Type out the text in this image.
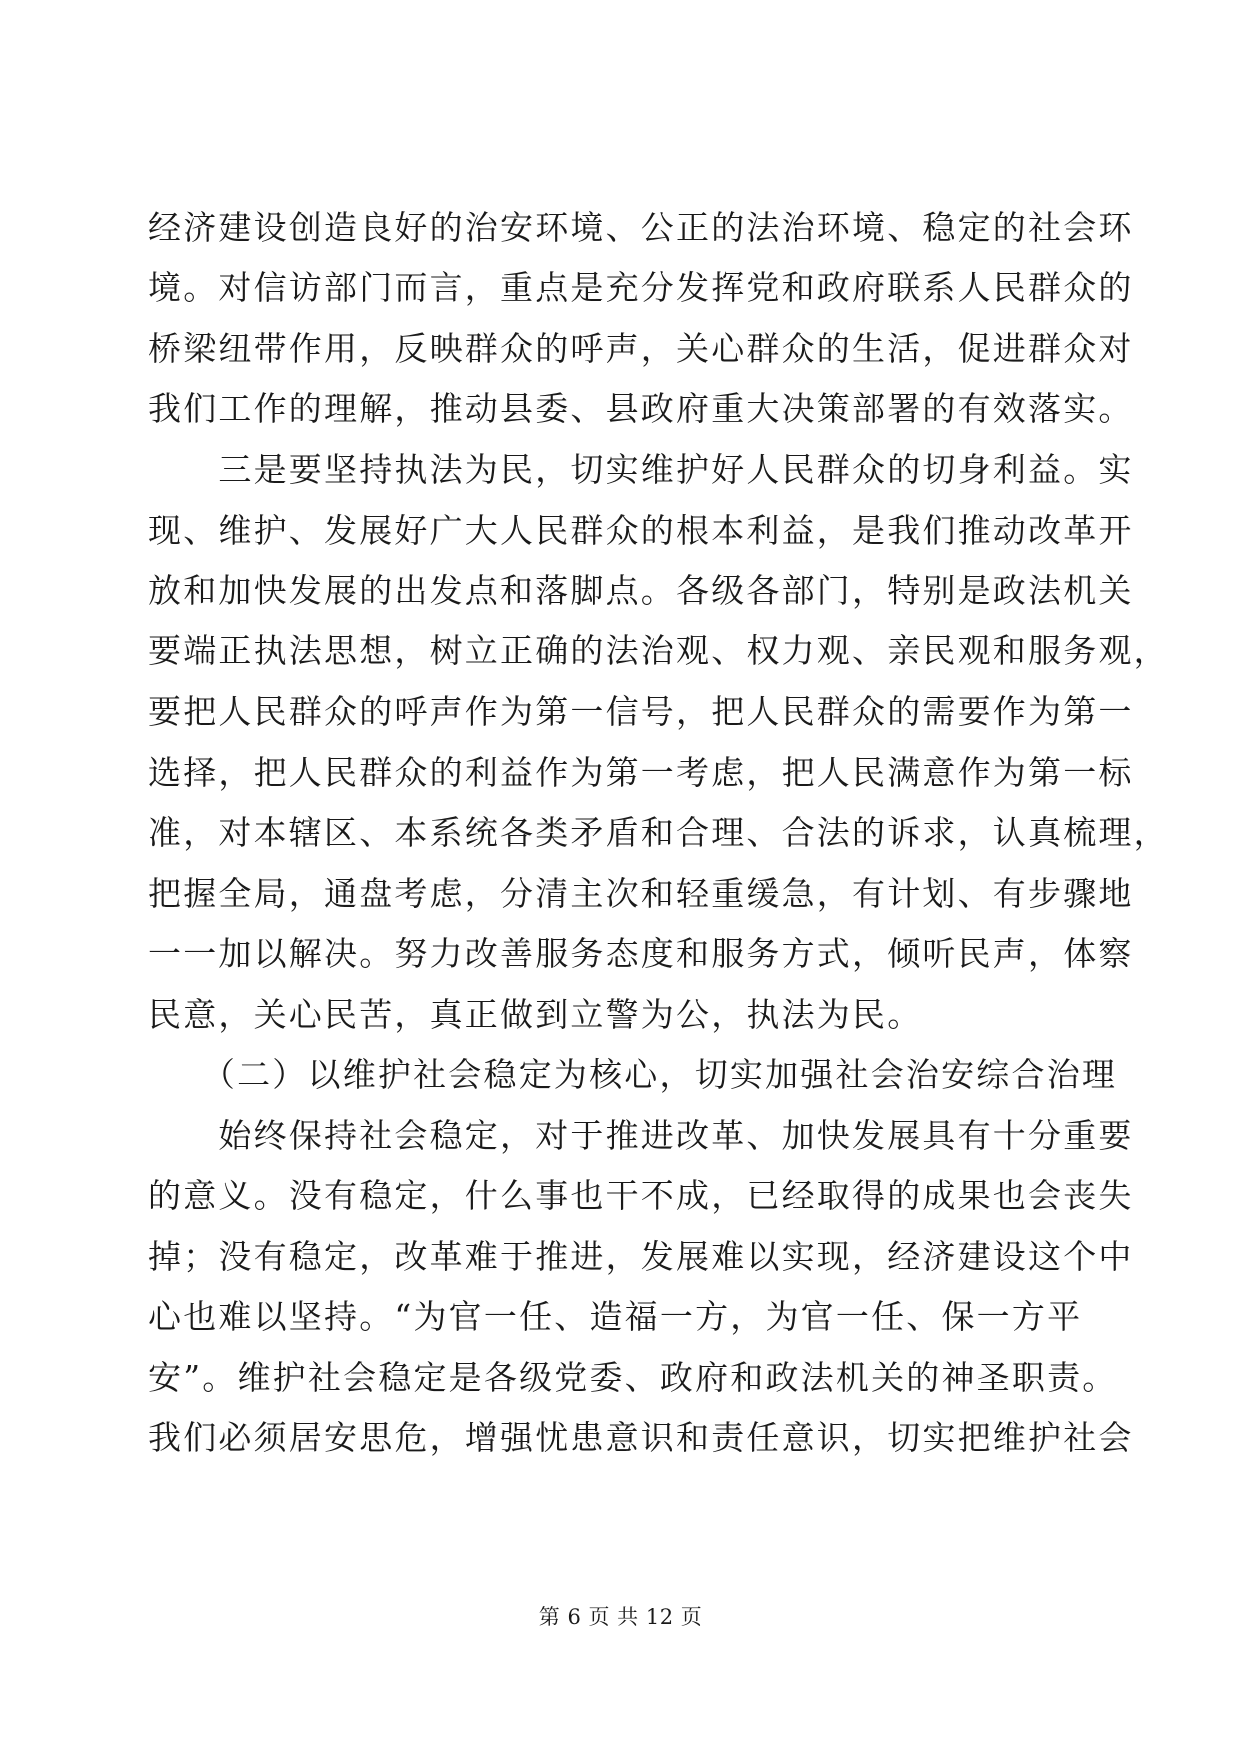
经济建设创造良好的治安环境、公正的法治环境、稳定的社会环
境。对信访部门而言，重点是充分发挥党和政府联系人民群众的
桥梁纽带作用，反映群众的呼声，关心群众的生活，促进群众对
我们工作的理解，推动县委、县政府重大决策部署的有效落实。
　　三是要坚持执法为民，切实维护好人民群众的切身利益。实
现、维护、发展好广大人民群众的根本利益，是我们推动改革开
放和加快发展的出发点和落脚点。各级各部门，特别是政法机关
要端正执法思想，树立正确的法治观、权力观、亲民观和服务观，
要把人民群众的呼声作为第一信号，把人民群众的需要作为第一
选择，把人民群众的利益作为第一考虑，把人民满意作为第一标
准，对本辖区、本系统各类矛盾和合理、合法的诉求，认真梳理，
把握全局，通盘考虑，分清主次和轻重缓急，有计划、有步骤地
一一加以解决。努力改善服务态度和服务方式，倾听民声，体察
民意，关心民苦，真正做到立警为公，执法为民。
　　（二）以维护社会稳定为核心，切实加强社会治安综合治理
　　始终保持社会稳定，对于推进改革、加快发展具有十分重要
的意义。没有稳定，什么事也干不成，已经取得的成果也会丧失
掉；没有稳定，改革难于推进，发展难以实现，经济建设这个中
心也难以坚持。“为官一任、造福一方，为官一任、保一方平
安”。维护社会稳定是各级党委、政府和政法机关的神圣职责。
我们必须居安思危，增强忧患意识和责任意识，切实把维护社会
第 6 页 共 12 页
